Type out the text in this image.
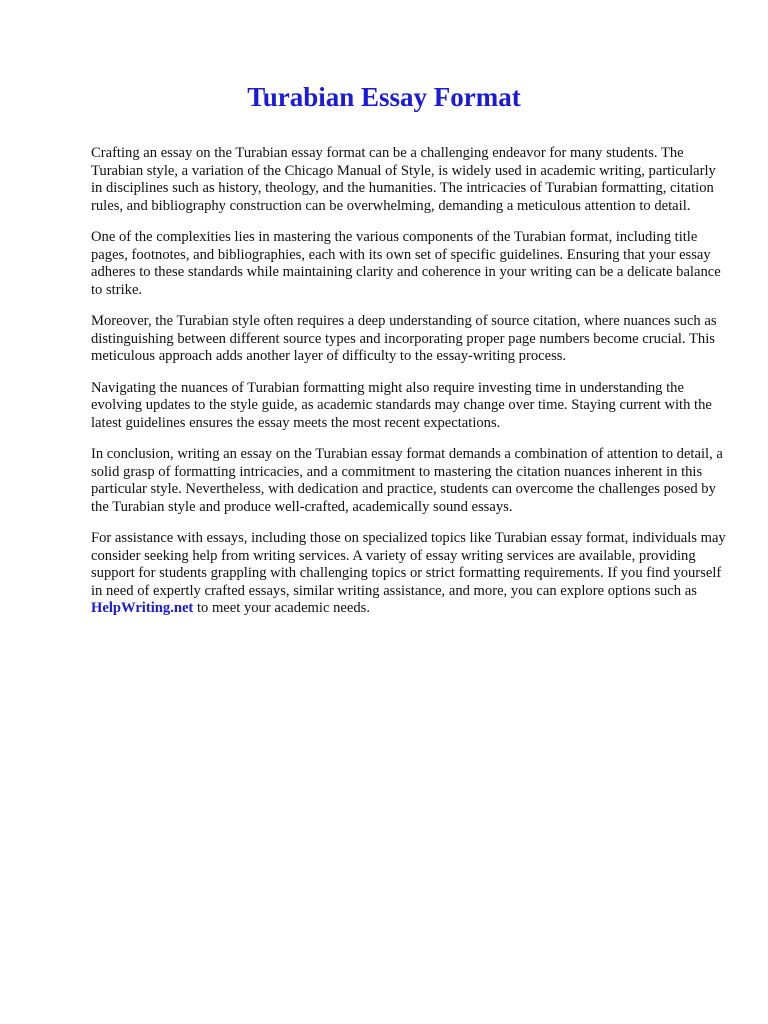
Turabian Essay Format

Crafting an essay on the Turabian essay format can be a challenging endeavor for many students. The Turabian style, a variation of the Chicago Manual of Style, is widely used in academic writing, particularly in disciplines such as history, theology, and the humanities. The intricacies of Turabian formatting, citation rules, and bibliography construction can be overwhelming, demanding a meticulous attention to detail.

One of the complexities lies in mastering the various components of the Turabian format, including title pages, footnotes, and bibliographies, each with its own set of specific guidelines. Ensuring that your essay adheres to these standards while maintaining clarity and coherence in your writing can be a delicate balance to strike.

Moreover, the Turabian style often requires a deep understanding of source citation, where nuances such as distinguishing between different source types and incorporating proper page numbers become crucial. This meticulous approach adds another layer of difficulty to the essay-writing process.

Navigating the nuances of Turabian formatting might also require investing time in understanding the evolving updates to the style guide, as academic standards may change over time. Staying current with the latest guidelines ensures the essay meets the most recent expectations.

In conclusion, writing an essay on the Turabian essay format demands a combination of attention to detail, a solid grasp of formatting intricacies, and a commitment to mastering the citation nuances inherent in this particular style. Nevertheless, with dedication and practice, students can overcome the challenges posed by the Turabian style and produce well-crafted, academically sound essays.

For assistance with essays, including those on specialized topics like Turabian essay format, individuals may consider seeking help from writing services. A variety of essay writing services are available, providing support for students grappling with challenging topics or strict formatting requirements. If you find yourself in need of expertly crafted essays, similar writing assistance, and more, you can explore options such as HelpWriting.net to meet your academic needs.
